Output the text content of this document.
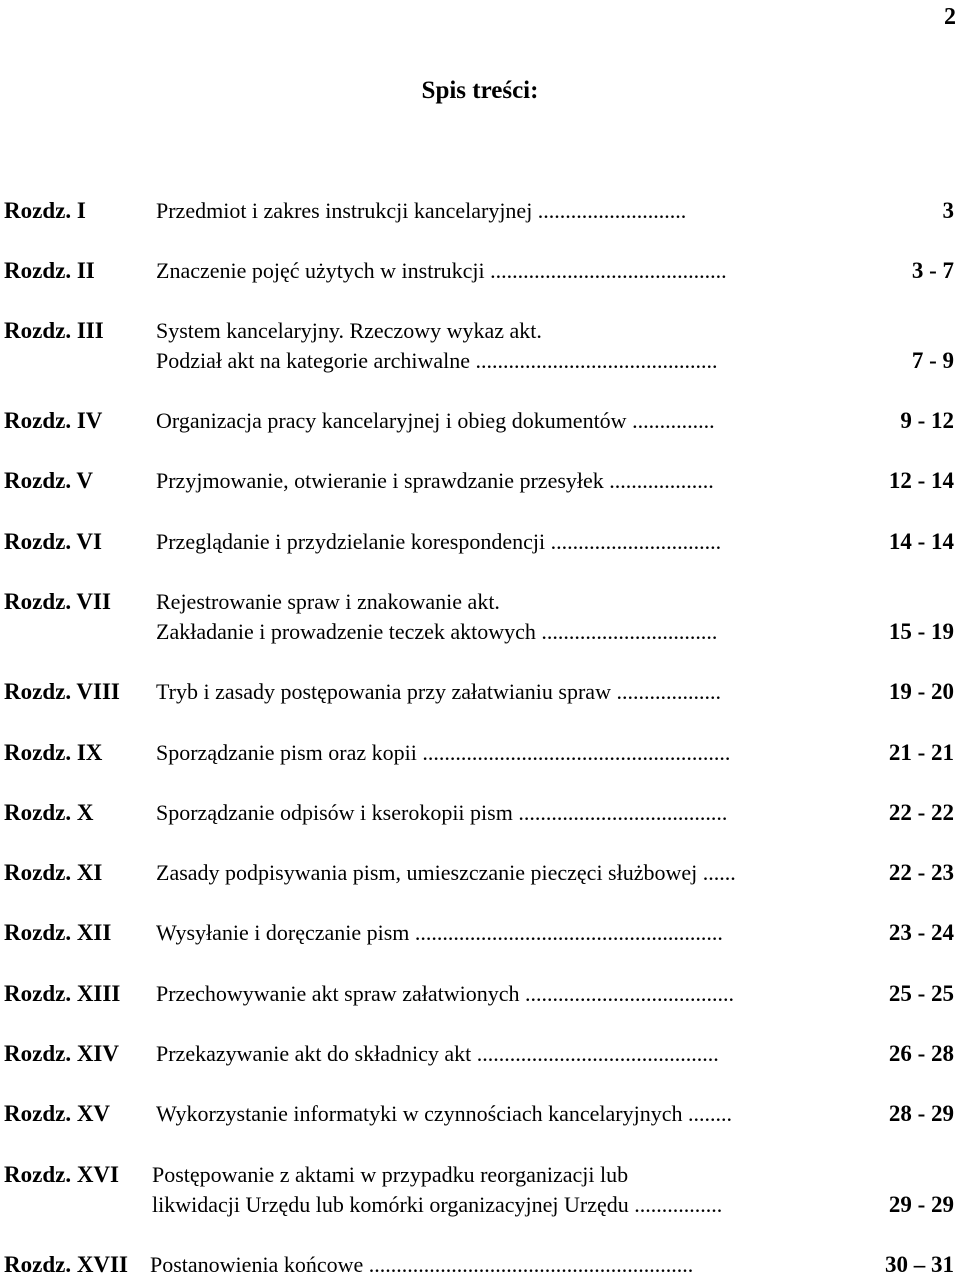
2
Spis treści:
Rozdz. I	Przedmiot i zakres instrukcji kancelaryjnej ...........................	3
Rozdz. II	Znaczenie pojęć użytych w instrukcji ...........................................	3 - 7
Rozdz. III System kancelaryjny. Rzeczowy wykaz akt.
Podział akt na kategorie archiwalne ............................................	7 - 9
Rozdz. IV Organizacja pracy kancelaryjnej i obieg dokumentów ...............	9 - 12
Rozdz. V	Przyjmowanie, otwieranie i sprawdzanie przesyłek ...................	12 - 14
Rozdz. VI Przeglądanie i przydzielanie korespondencji ...............................	14 - 14
Rozdz. VII Rejestrowanie spraw i znakowanie akt.
Zakładanie i prowadzenie teczek aktowych ................................	15 - 19
Rozdz. VIII Tryb i zasady postępowania przy załatwianiu spraw ...................	19 - 20
Rozdz. IX Sporządzanie pism oraz kopii ........................................................	21 - 21
Rozdz. X	Sporządzanie odpisów i kserokopii pism ......................................	22 - 22
Rozdz. XI Zasady podpisywania pism, umieszczanie pieczęci służbowej ......	22 - 23
Rozdz. XII Wysyłanie i doręczanie pism ........................................................	23 - 24
Rozdz. XIII Przechowywanie akt spraw załatwionych ......................................	25 - 25
Rozdz. XIV Przekazywanie akt do składnicy akt ............................................	26 - 28
Rozdz. XV Wykorzystanie informatyki w czynnościach kancelaryjnych ........	28 - 29
Rozdz. XVI Postępowanie z aktami w przypadku reorganizacji lub
likwidacji Urzędu lub komórki organizacyjnej Urzędu ................	29 - 29
Rozdz. XVII Postanowienia końcowe ...........................................................	30 – 31
